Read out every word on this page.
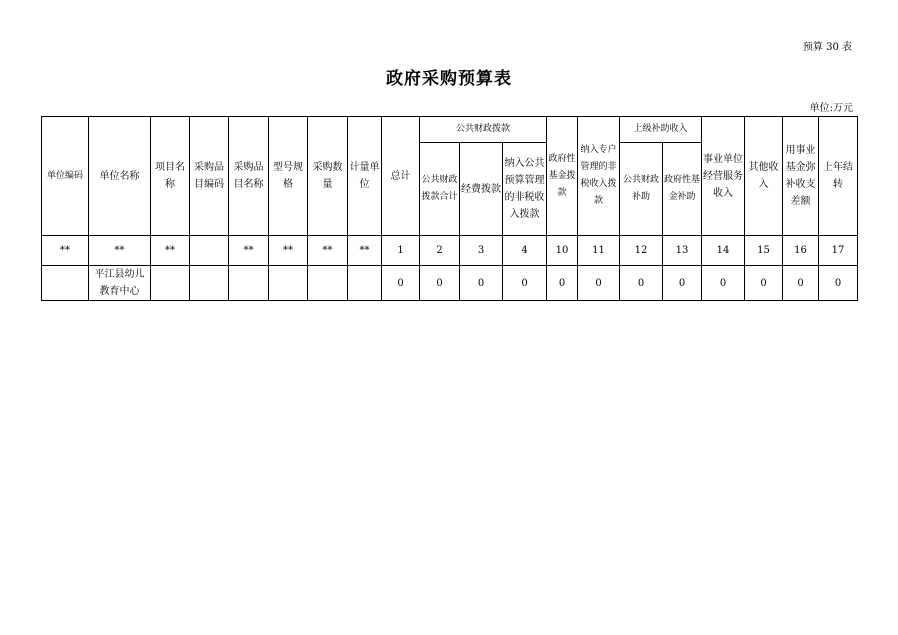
预算 30 表
政府采购预算表
单位:万元
单位编码	单位名称	项目名称	采购品目编码	采购品目名称	型号规格	采购数量	计量单位	总计	公共财政拨款			政府性基金拨款	纳入专户管理的非税收入拨款	上级补助收入		事业单位经营服务收入	其他收入	用事业基金弥补收支差额	上年结转
									公共财政拨款合计	经费拨款	纳入公共预算管理的非税收入拨款			公共财政补助	政府性基金补助				
**	**	**		**	**	**	**	1	2	3	4	10	11	12	13	14	15	16	17
	平江县幼儿教育中心							0	0	0	0	0	0	0	0	0	0	0	0
